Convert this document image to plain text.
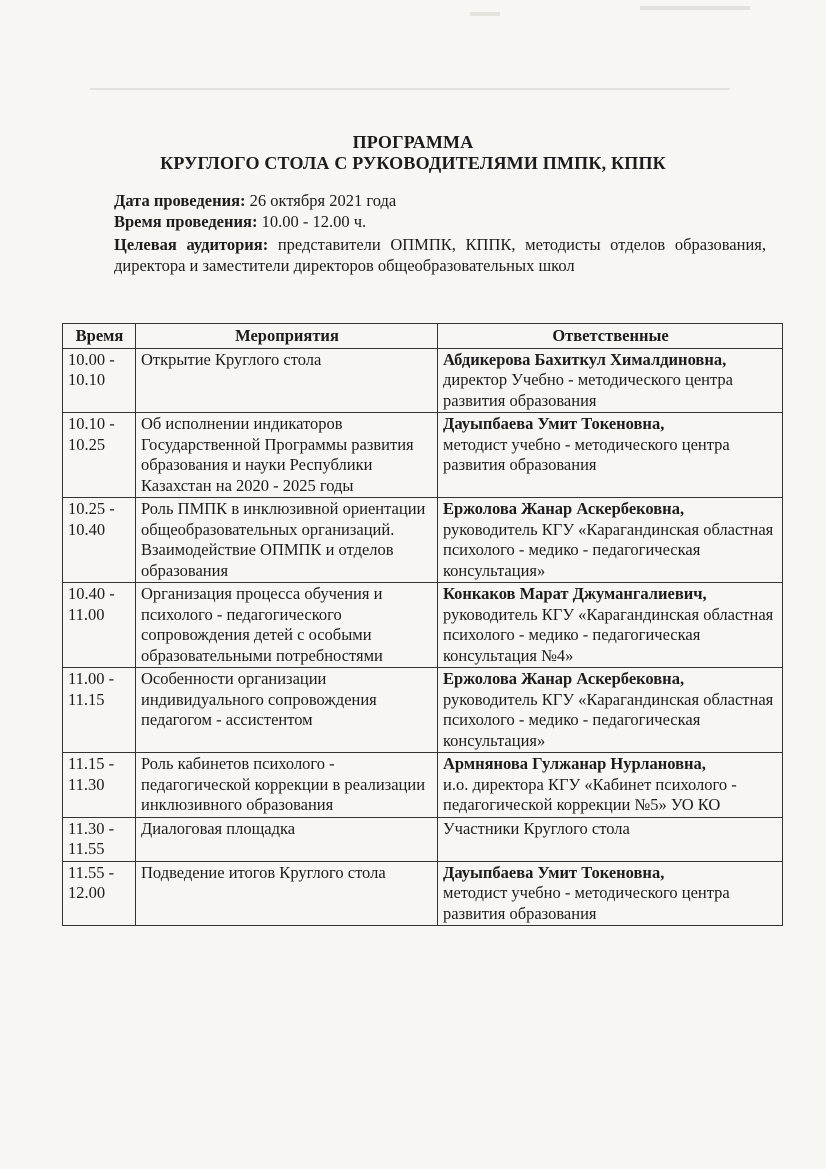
ПРОГРАММА
КРУГЛОГО СТОЛА С РУКОВОДИТЕЛЯМИ ПМПК, КППК
Дата проведения: 26 октября 2021 года
Время проведения: 10.00 - 12.00 ч.
Целевая аудитория: представители ОПМПК, КППК, методисты отделов образования, директора и заместители директоров общеобразовательных школ
Время	Мероприятия	Ответственные
10.00 - 10.10	Открытие Круглого стола	Абдикерова Бахиткул Хималдиновна,
директор Учебно - методического центра развития образования

10.10 - 10.25	Об исполнении индикаторов Государственной Программы развития образования и науки Республики Казахстан на 2020 - 2025 годы	Дауыпбаева Умит Токеновна,
методист учебно - методического центра развития образования

10.25 - 10.40	Роль ПМПК в инклюзивной ориентации общеобразовательных организаций. Взаимодействие ОПМПК и отделов образования	Ержолова Жанар Аскербековна,
руководитель КГУ «Карагандинская областная психолого - медико - педагогическая консультация»

10.40 - 11.00	Организация процесса обучения и психолого - педагогического сопровождения детей с особыми образовательными потребностями	Конкаков Марат Джумангалиевич,
руководитель КГУ «Карагандинская областная психолого - медико - педагогическая консультация №4»

11.00 - 11.15	Особенности организации индивидуального сопровождения педагогом - ассистентом	Ержолова Жанар Аскербековна,
руководитель КГУ «Карагандинская областная психолого - медико - педагогическая консультация»

11.15 - 11.30	Роль кабинетов психолого - педагогической коррекции в реализации инклюзивного образования	Армнянова Гулжанар Нурлановна,
и.о. директора КГУ «Кабинет психолого - педагогической коррекции №5» УО КО

11.30 - 11.55	Диалоговая площадка	Участники Круглого стола

11.55 - 12.00	Подведение итогов Круглого стола	Дауыпбаева Умит Токеновна,
методист учебно - методического центра развития образования
